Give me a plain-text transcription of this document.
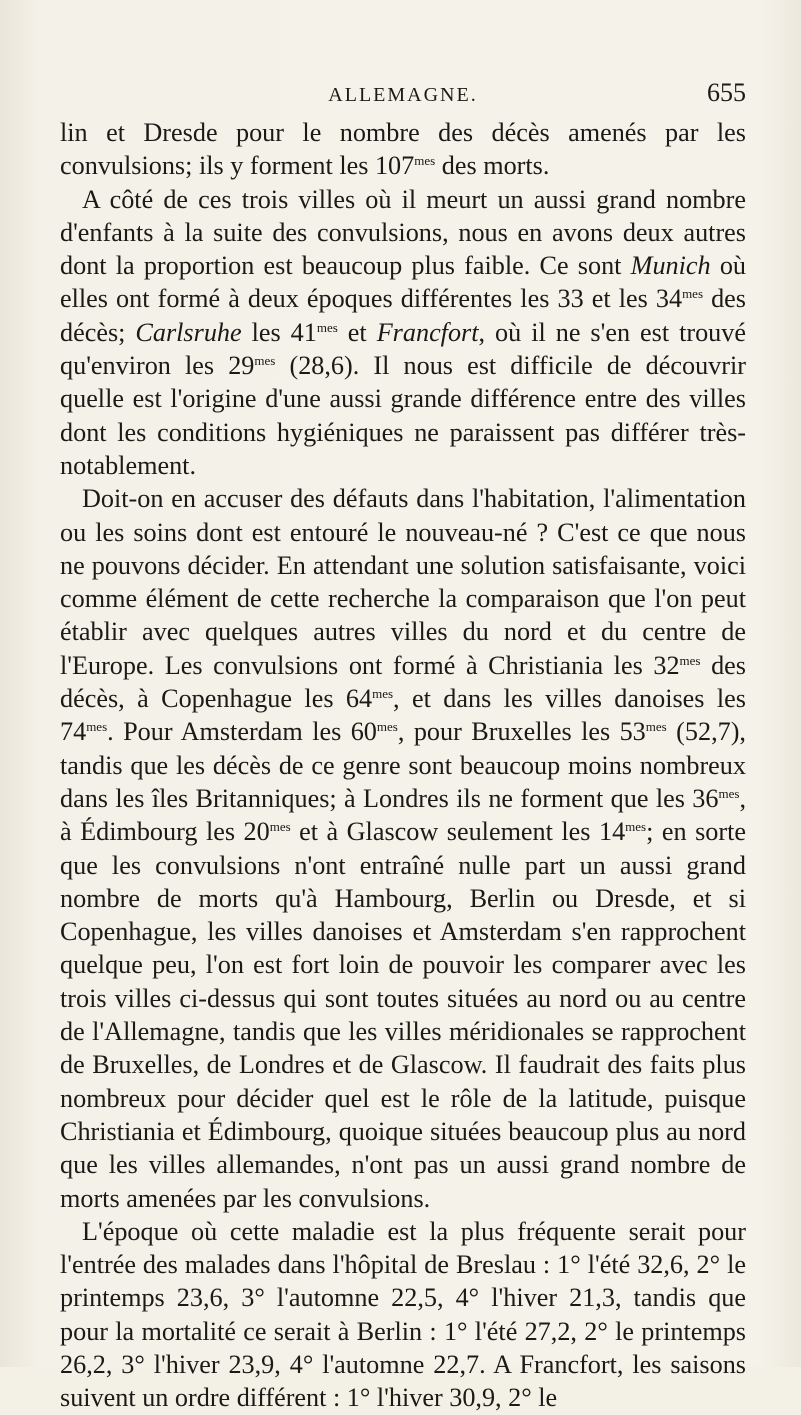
ALLEMAGNE.	655

lin et Dresde pour le nombre des décès amenés par les convulsions; ils y forment les $107^{mes}$ des morts.

A côté de ces trois villes où il meurt un aussi grand nombre d'enfants à la suite des convulsions, nous en avons deux autres dont la proportion est beaucoup plus faible. Ce sont Munich où elles ont formé à deux époques différentes les 33 et les $34^{mes}$ des décès; Carlsruhe les $41^{mes}$ et Francfort, où il ne s'en est trouvé qu'environ les $29^{mes}$ (28,6). Il nous est difficile de découvrir quelle est l'origine d'une aussi grande différence entre des villes dont les conditions hygiéniques ne paraissent pas différer très-notablement.

Doit-on en accuser des défauts dans l'habitation, l'alimentation ou les soins dont est entouré le nouveau-né ? C'est ce que nous ne pouvons décider. En attendant une solution satisfaisante, voici comme élément de cette recherche la comparaison que l'on peut établir avec quelques autres villes du nord et du centre de l'Europe. Les convulsions ont formé à Christiania les $32^{mes}$ des décès, à Copenhague les $64^{mes}$, et dans les villes danoises les $74^{mes}$. Pour Amsterdam les $60^{mes}$, pour Bruxelles les $53^{mes}$ (52,7), tandis que les décès de ce genre sont beaucoup moins nombreux dans les îles Britanniques; à Londres ils ne forment que les $36^{mes}$, à Édimbourg les $20^{mes}$ et à Glascow seulement les $14^{mes}$; en sorte que les convulsions n'ont entraîné nulle part un aussi grand nombre de morts qu'à Hambourg, Berlin ou Dresde, et si Copenhague, les villes danoises et Amsterdam s'en rapprochent quelque peu, l'on est fort loin de pouvoir les comparer avec les trois villes ci-dessus qui sont toutes situées au nord ou au centre de l'Allemagne, tandis que les villes méridionales se rapprochent de Bruxelles, de Londres et de Glascow. Il faudrait des faits plus nombreux pour décider quel est le rôle de la latitude, puisque Christiania et Édimbourg, quoique situées beaucoup plus au nord que les villes allemandes, n'ont pas un aussi grand nombre de morts amenées par les convulsions.

L'époque où cette maladie est la plus fréquente serait pour l'entrée des malades dans l'hôpital de Breslau : 1° l'été 32,6, 2° le printemps 23,6, 3° l'automne 22,5, 4° l'hiver 21,3, tandis que pour la mortalité ce serait à Berlin : 1° l'été 27,2, 2° le printemps 26,2, 3° l'hiver 23,9, 4° l'automne 22,7. A Francfort, les saisons suivent un ordre différent : 1° l'hiver 30,9, 2° le
